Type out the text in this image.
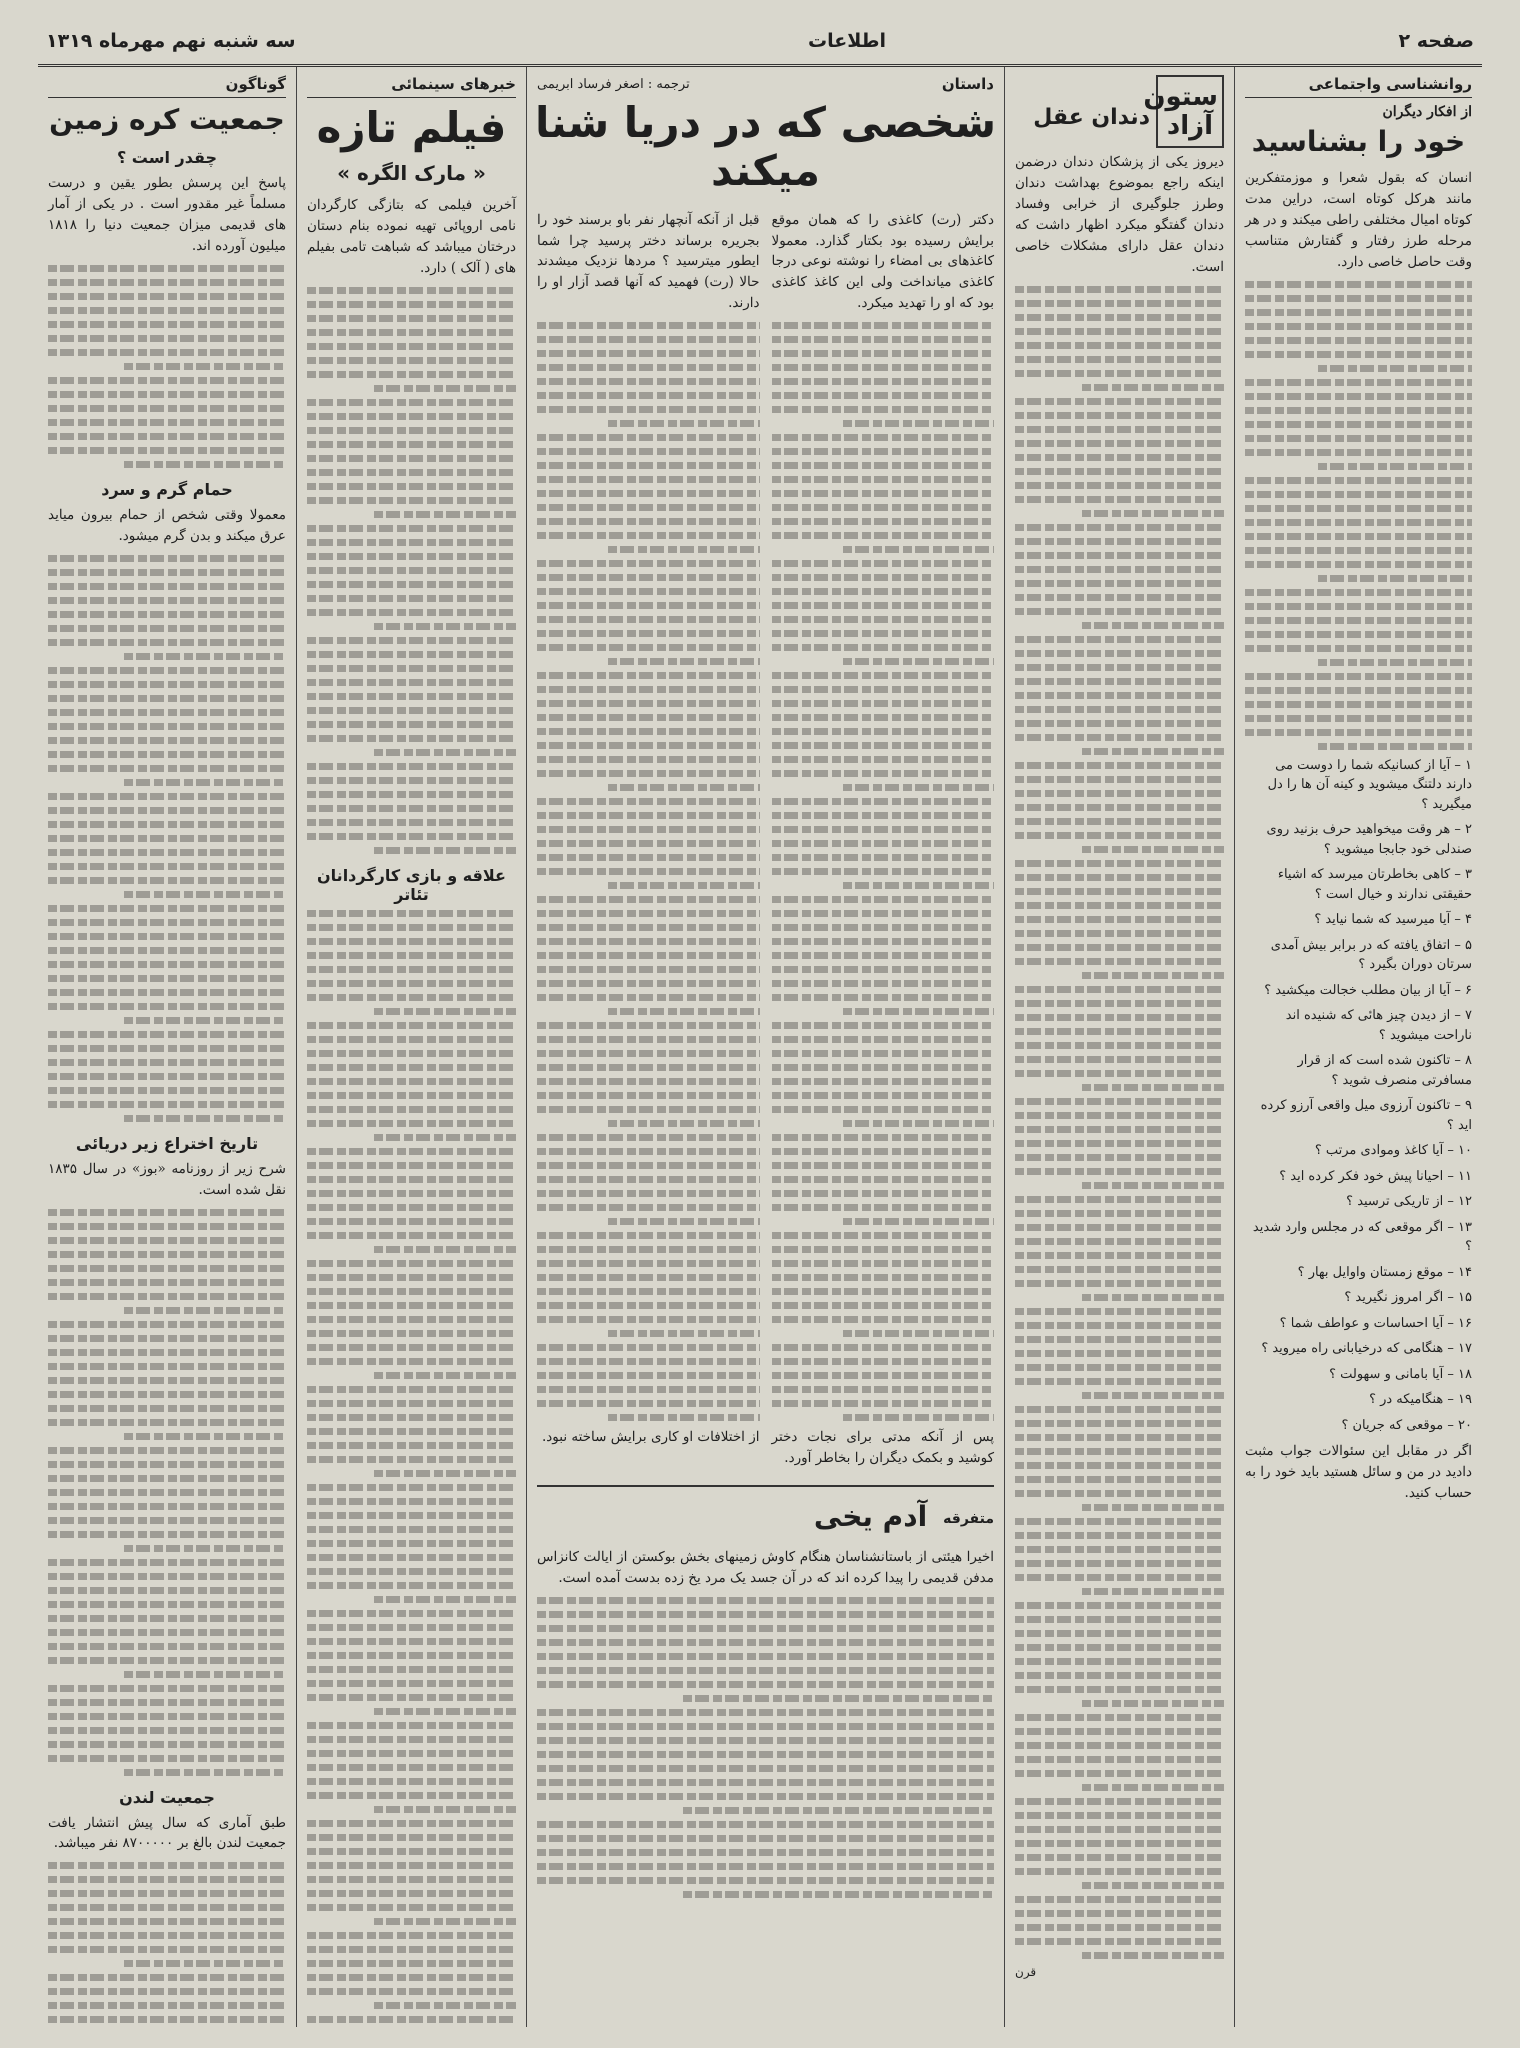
صفحه ۲
اطلاعات
سه شنبه نهم مهرماه ۱۳۱۹
روانشناسی واجتماعی
از افکار دیگران
خود را بشناسید

انسان که بقول شعرا و موزمتفکرین مانند هرکل کوتاه است، دراین مدت کوتاه امیال مختلفی راطی میکند و در هر مرحله طرز رفتار و گفتارش متناسب وقت حاصل خاصی دارد.

۱ – آیا از کسانیکه شما را دوست می دارند دلتنگ میشوید و کینه آن ها را دل میگیرید ؟
۲ – هر وقت میخواهید حرف بزنید روی صندلی خود جابجا میشوید ؟
۳ – کاهی بخاطرتان میرسد که اشیاء حقیقتی ندارند و خیال است ؟
۴ – آیا میرسید که شما نیاید ؟
۵ – اتفاق یافته که در برابر بیش آمدی سرتان دوران بگیرد ؟
۶ – آیا از بیان مطلب خجالت میکشید ؟
۷ – از دیدن چیز هائی که شنیده اند ناراحت میشوید ؟
۸ – تاکنون شده است که از قرار مسافرتی منصرف شوید ؟
۹ – تاکنون آرزوی میل واقعی آرزو کرده اید ؟
۱۰ – آیا کاغذ وموادی مرتب ؟
۱۱ – احیانا پیش خود فکر کرده اید ؟
۱۲ – از تاریکی ترسید ؟
۱۳ – اگر موقعی که در مجلس وارد شدید ؟
۱۴ – موقع زمستان واوایل بهار ؟
۱۵ – اگر امروز نگیرید ؟
۱۶ – آیا احساسات و عواطف شما ؟
۱۷ – هنگامی که درخیابانی راه میروید ؟
۱۸ – آیا بامانی و سهولت ؟
۱۹ – هنگامیکه در ؟
۲۰ – موقعی که جریان ؟

اگر در مقابل این سئوالات جواب مثبت دادید در من و سائل هستید باید خود را به حساب کنید.

ستون آزاد
دندان عقل

دیروز یکی از پزشکان دندان درضمن اینکه راجع بموضوع بهداشت دندان وطرز جلوگیری از خرابی وفساد دندان گفتگو میکرد اظهار داشت که دندان عقل دارای مشکلات خاصی است.

قرن
داستان
ترجمه : اصغر فرساد ابریمی
شخصی که در دریا شنا میکند

دکتر (رت) کاغذی را که همان موقع برایش رسیده بود بکتار گذارد. معمولا کاغذهای بی امضاء را نوشته نوعی درجا کاغذی میانداخت ولی این کاغذ کاغذی بود که او را تهدید میکرد.

پس از آنکه مدتی برای نجات دختر کوشید و بکمک دیگران را بخاطر آورد.

قبل از آنکه آنچهار نفر باو برسند خود را بجریره برساند دختر پرسید چرا شما ایطور میترسید ؟ مردها نزدیک میشدند حالا (رت) فهمید که آنها قصد آزار او را دارند.

از اختلافات او کاری برایش ساخته نبود.

متفرقه
آدم یخی

اخیرا هیئتی از باستانشناسان هنگام کاوش زمینهای بخش بوکستن از ایالت کانزاس مدفن قدیمی را پیدا کرده اند که در آن جسد یک مرد یخ زده بدست آمده است.

خبرهای سینمائی
فیلم تازه
« مارک الگره »

آخرین فیلمی که بتازگی کارگردان نامی اروپائی تهیه نموده بنام دستان درختان میباشد که شباهت تامی بفیلم های ( آلک ) دارد.

علاقه و بازی کارگردانان تئاتر
گوناگون
جمعیت کره زمین
چقدر است ؟

پاسخ این پرسش بطور یقین و درست مسلماً غیر مقدور است . در یکی از آمار های قدیمی میزان جمعیت دنیا را ۱۸۱۸ میلیون آورده اند.

حمام گرم و سرد

معمولا وقتی شخص از حمام بیرون میاید عرق میکند و بدن گرم میشود.

تاریخ اختراع زیر دریائی

شرح زیر از روزنامه «بوز» در سال ۱۸۳۵ نقل شده است.

جمعیت لندن

طبق آماری که سال پیش انتشار یافت جمعیت لندن بالغ بر ۸۷۰۰۰۰۰ نفر میباشد.
